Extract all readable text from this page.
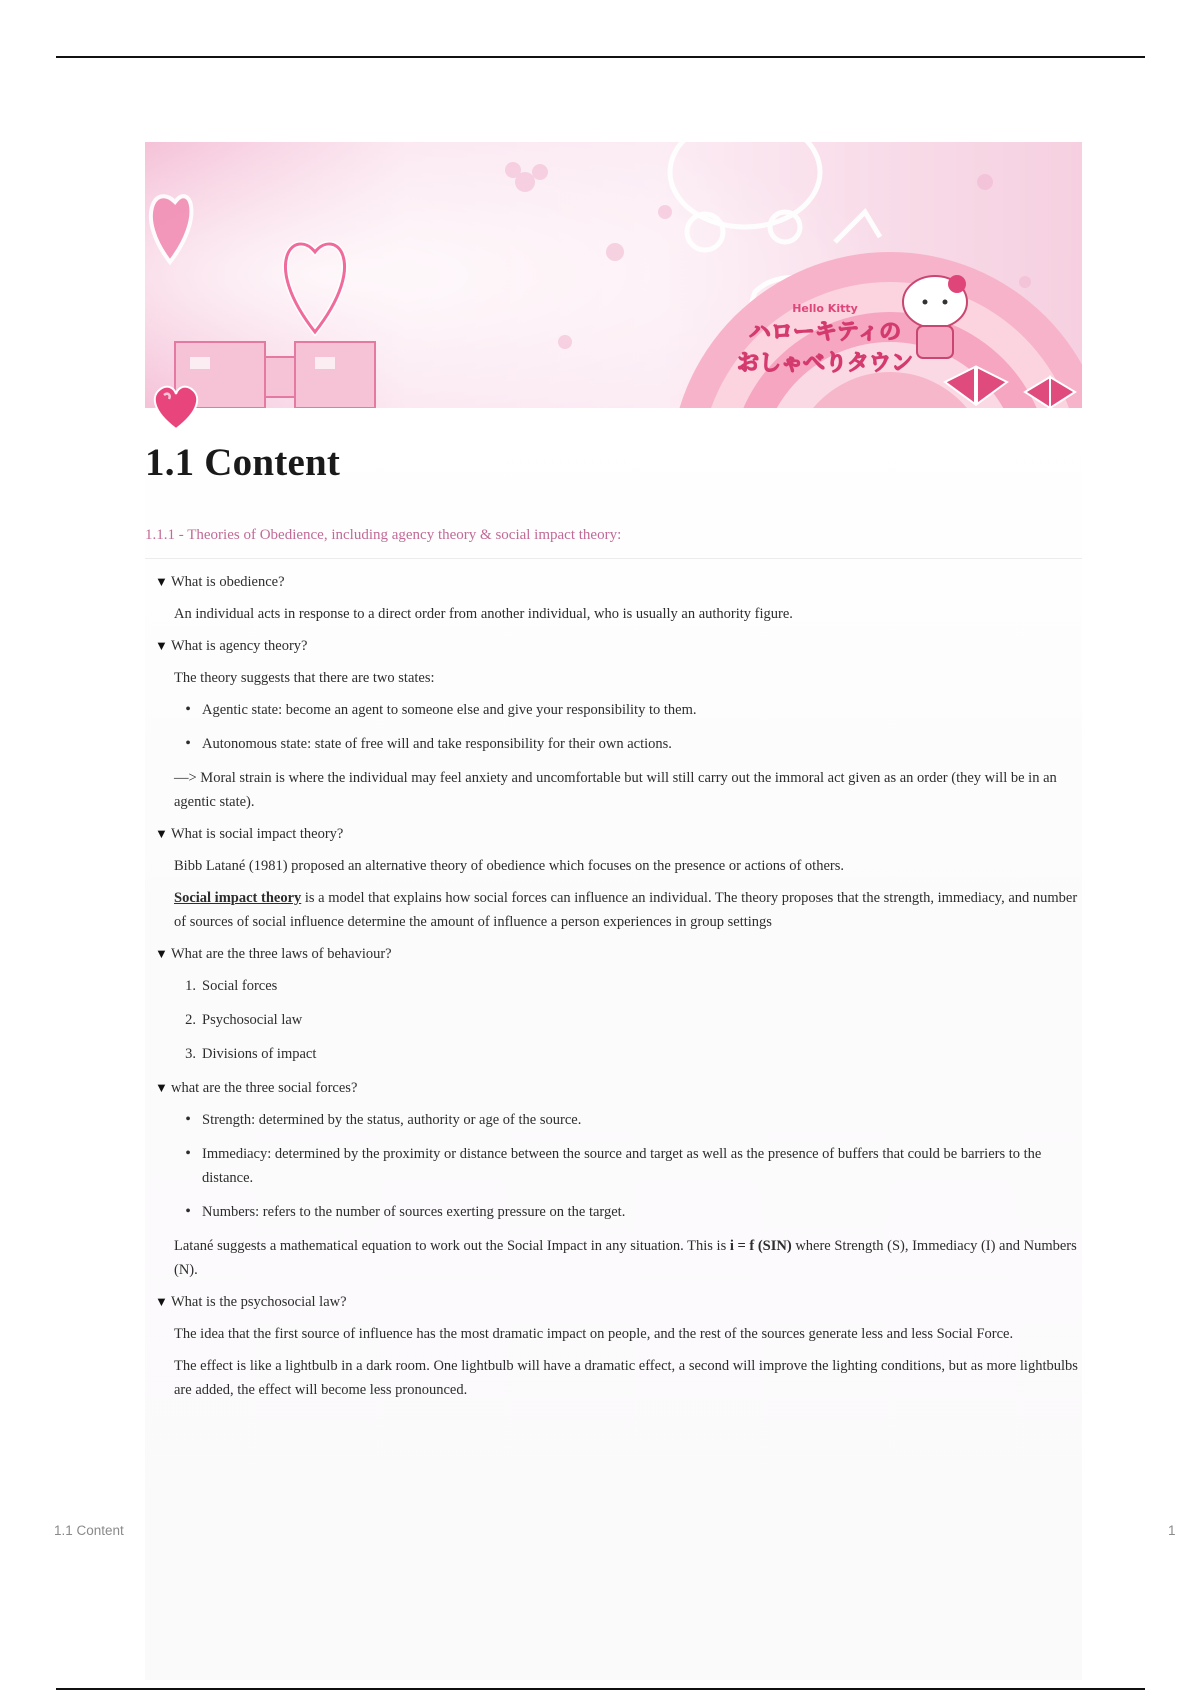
Hello Kitty
ハローキティの
おしゃべりタウン
1.1 Content
1.1.1 - Theories of Obedience, including agency theory & social impact theory:
▼ What is obedience?
An individual acts in response to a direct order from another individual, who is usually an authority figure.
▼ What is agency theory?
The theory suggests that there are two states:
• Agentic state: become an agent to someone else and give your responsibility to them.
• Autonomous state: state of free will and take responsibility for their own actions.
—> Moral strain is where the individual may feel anxiety and uncomfortable but will still carry out the immoral act given as an order (they will be in an agentic state).
▼ What is social impact theory?
Bibb Latané (1981) proposed an alternative theory of obedience which focuses on the presence or actions of others.
Social impact theory is a model that explains how social forces can influence an individual. The theory proposes that the strength, immediacy, and number of sources of social influence determine the amount of influence a person experiences in group settings
▼ What are the three laws of behaviour?
1. Social forces
2. Psychosocial law
3. Divisions of impact
▼ what are the three social forces?
• Strength: determined by the status, authority or age of the source.
• Immediacy: determined by the proximity or distance between the source and target as well as the presence of buffers that could be barriers to the distance.
• Numbers: refers to the number of sources exerting pressure on the target.
Latané suggests a mathematical equation to work out the Social Impact in any situation. This is i = f (SIN) where Strength (S), Immediacy (I) and Numbers (N).
▼ What is the psychosocial law?
The idea that the first source of influence has the most dramatic impact on people, and the rest of the sources generate less and less Social Force.
The effect is like a lightbulb in a dark room. One lightbulb will have a dramatic effect, a second will improve the lighting conditions, but as more lightbulbs are added, the effect will become less pronounced.
1.1 Content	1
